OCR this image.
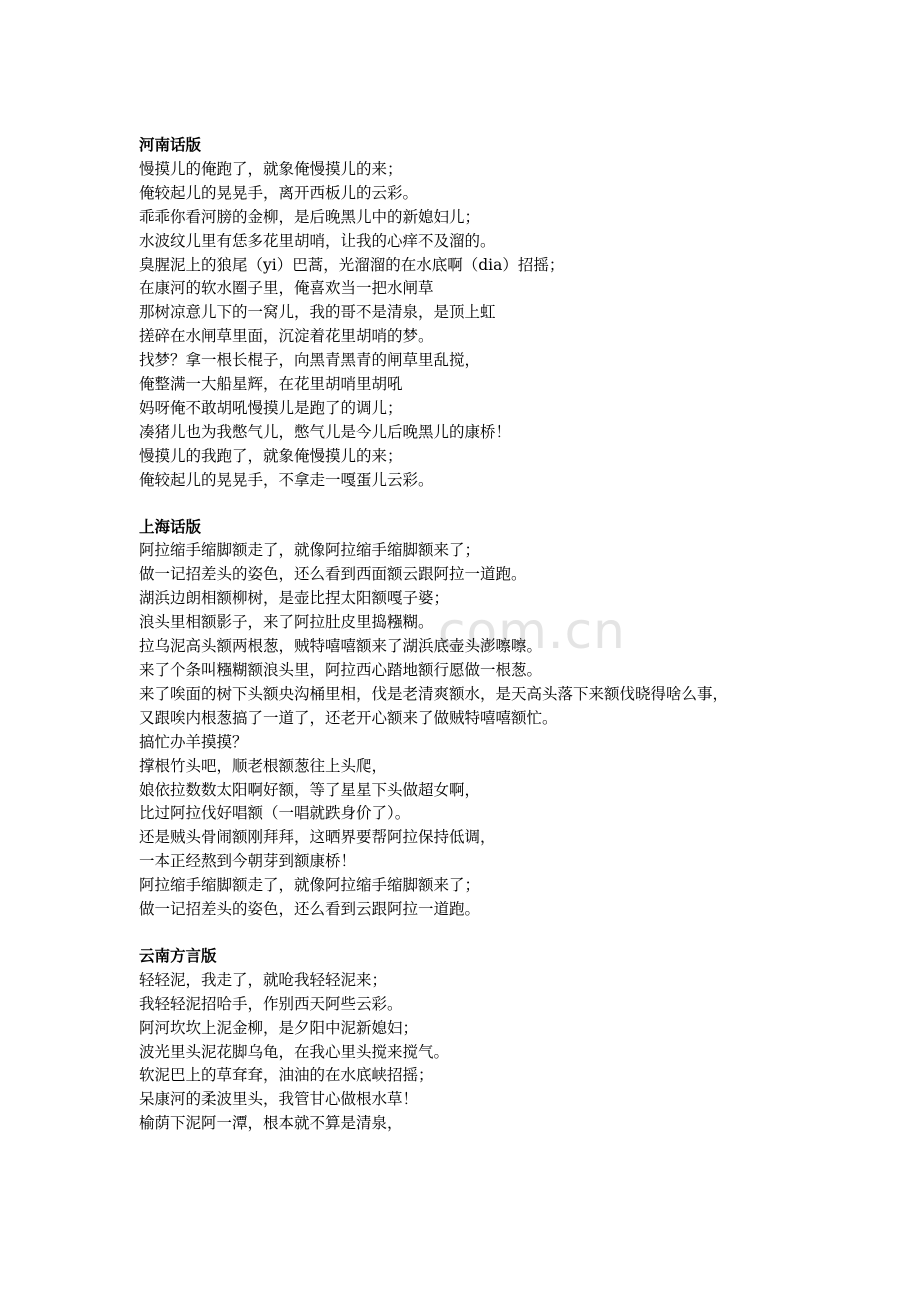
com.cn
河南话版
慢摸儿的俺跑了，就象俺慢摸儿的来；
俺较起儿的晃晃手，离开西板儿的云彩。
乖乖你看河膀的金柳，是后晚黑儿中的新媳妇儿；
水波纹儿里有恁多花里胡哨，让我的心痒不及溜的。
臭腥泥上的狼尾（yi）巴蒿，光溜溜的在水底啊（dia）招摇；
在康河的软水圈子里，俺喜欢当一把水闸草
那树凉意儿下的一窝儿，我的哥不是清泉，是顶上虹
搓碎在水闸草里面，沉淀着花里胡哨的梦。
找梦？拿一根长棍子，向黑青黑青的闸草里乱搅，
俺整满一大船星辉，在花里胡哨里胡吼
妈呀俺不敢胡吼慢摸儿是跑了的调儿；
凑猪儿也为我憋气儿，憋气儿是今儿后晚黑儿的康桥！
慢摸儿的我跑了，就象俺慢摸儿的来；
俺较起儿的晃晃手，不拿走一嘎蛋儿云彩。
上海话版
阿拉缩手缩脚额走了，就像阿拉缩手缩脚额来了；
做一记招差头的姿色，还么看到西面额云跟阿拉一道跑。
湖浜边朗相额柳树，是壶比捏太阳额嘎子婆；
浪头里相额影子，来了阿拉肚皮里捣糨糊。
拉乌泥高头额两根葱，贼特嘻嘻额来了湖浜底壶头澎嚓嚓。
来了个条叫糨糊额浪头里，阿拉西心踏地额行愿做一根葱。
来了唉面的树下头额央沟桶里相，伐是老清爽额水，是天高头落下来额伐晓得啥么事，
又跟唉内根葱搞了一道了，还老开心额来了做贼特嘻嘻额忙。
搞忙办羊摸摸？
撑根竹头吧，顺老根额葱往上头爬，
娘依拉数数太阳啊好额，等了星星下头做超女啊，
比过阿拉伐好唱额（一唱就跌身价了）。
还是贼头骨闹额刚拜拜，这晒界要帮阿拉保持低调，
一本正经熬到今朝芽到额康桥！
阿拉缩手缩脚额走了，就像阿拉缩手缩脚额来了；
做一记招差头的姿色，还么看到云跟阿拉一道跑。
云南方言版
轻轻泥，我走了，就呛我轻轻泥来；
我轻轻泥招哈手，作别西天阿些云彩。
阿河坎坎上泥金柳，是夕阳中泥新媳妇；
波光里头泥花脚乌龟，在我心里头搅来搅气。
软泥巴上的草耷耷，油油的在水底峡招摇；
呆康河的柔波里头，我管甘心做根水草！
榆荫下泥阿一潭，根本就不算是清泉，
